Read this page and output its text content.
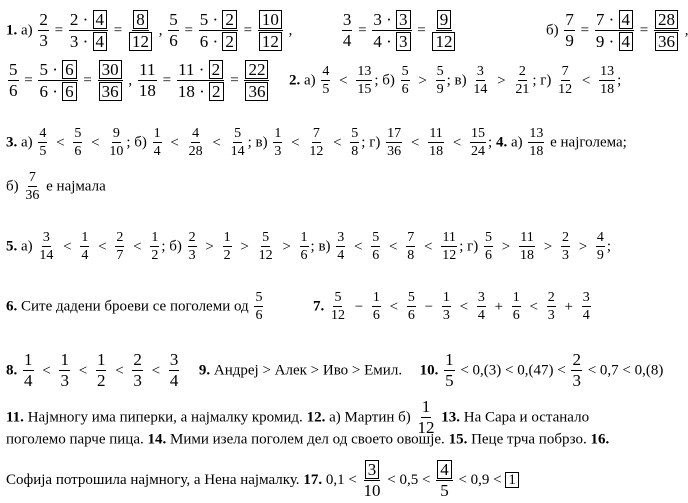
1. $а) \frac{2}{3} = \frac{2 \cdot 4}{3 \cdot 4} = \frac{8}{12}$ , $\frac{5}{6} = \frac{5 \cdot 2}{6 \cdot 2} = \frac{10}{12}$ ,	$\frac{3}{4} = \frac{3 \cdot 3}{4 \cdot 3} = \frac{9}{12}$	$б) \frac{7}{9} = \frac{7 \cdot 4}{9 \cdot 4} = \frac{28}{36}$
$\frac{5}{6} = \frac{5 \cdot 6}{6 \cdot 6} = \frac{30}{36}$ , $\frac{11}{18} = \frac{11 \cdot 2}{18 \cdot 2} = \frac{22}{36} 2$. $а) \frac{4}{5} < \frac{13}{15}$ ; $б) \frac{5}{6} > \frac{5}{9}$ ; $в) \frac{3}{14} > \frac{2}{21}$ ; $г) \frac{7}{12} < \frac{13}{18}$ ;
3. $а) \frac{4}{5} < \frac{5}{6} < \frac{9}{10}$ ; $б) \frac{1}{4} < \frac{4}{28} < \frac{5}{14}$ ; $в) \frac{1}{3} < \frac{7}{12} < \frac{5}{8}$ ; $г) \frac{17}{36} < \frac{11}{18} < \frac{15}{24}$ ; 4. $а) \frac{13}{18}$ е најголема;
$б) \frac{7}{36}$ е најмала
5. $а) \frac{3}{14} < \frac{1}{4} < \frac{2}{7} < \frac{1}{2}$ ; $б) \frac{2}{3} > \frac{1}{2} > \frac{5}{12} > \frac{1}{6}$ ; $в) \frac{3}{4} < \frac{5}{6} < \frac{7}{8} < \frac{11}{12}$ ; $г) \frac{5}{6} > \frac{11}{18} > \frac{2}{3} > \frac{4}{9}$ ;
6. Сите дадени броеви се поголеми од $\frac{5}{6}$	7. $\frac{5}{12} - \frac{1}{6} < \frac{5}{6} - \frac{1}{3} < \frac{3}{4} + \frac{1}{6} < \frac{2}{3} + \frac{3}{4}$
8. $\frac{1}{4} < \frac{1}{3} < \frac{1}{2} < \frac{2}{3} < \frac{3}{4} 9$. Андреј > Алек > Иво > Емил. 10. $\frac{1}{5} < 0,(3) < 0,(47) < \frac{2}{3} < 0,7 < 0,(8)$
11. Најмногу има пиперки, а најмалку кромид. 12. а) Мартин $б) \frac{1}{12} 13$. На Сара и останало
поголемо парче пица. 14. Мими изела поголем дел од своето овошје. 15. Пеце трча побрзо. 16.
Софија потрошила најмногу, а Нена најмалку. 17. $0,1 < \frac{3}{10} < 0,5 < \frac{4}{5} < 0,9 < 1$
